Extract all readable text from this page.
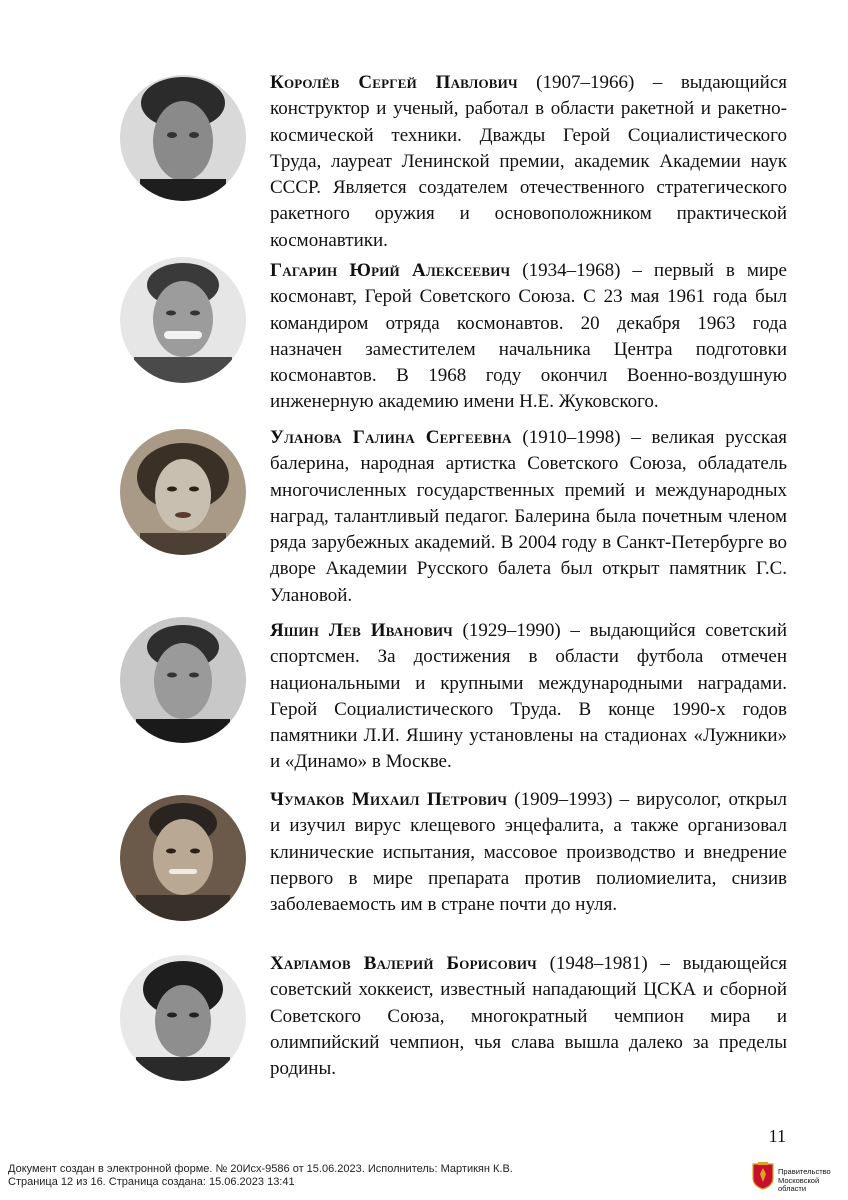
Королёв Сергей Павлович (1907–1966) – выдающийся конструктор и ученый, работал в области ракетной и ракетно-космической техники. Дважды Герой Социалистического Труда, лауреат Ленинской премии, академик Академии наук СССР. Является создателем отечественного стратегического ракетного оружия и основоположником практической космонавтики.
Гагарин Юрий Алексеевич (1934–1968) – первый в мире космонавт, Герой Советского Союза. С 23 мая 1961 года был командиром отряда космонавтов. 20 декабря 1963 года назначен заместителем начальника Центра подготовки космонавтов. В 1968 году окончил Военно-воздушную инженерную академию имени Н.Е. Жуковского.
Уланова Галина Сергеевна (1910–1998) – великая русская балерина, народная артистка Советского Союза, обладатель многочисленных государственных премий и международных наград, талантливый педагог. Балерина была почетным членом ряда зарубежных академий. В 2004 году в Санкт-Петербурге во дворе Академии Русского балета был открыт памятник Г.С. Улановой.
Яшин Лев Иванович (1929–1990) – выдающийся советский спортсмен. За достижения в области футбола отмечен национальными и крупными международными наградами. Герой Социалистического Труда. В конце 1990-х годов памятники Л.И. Яшину установлены на стадионах «Лужники» и «Динамо» в Москве.
Чумаков Михаил Петрович (1909–1993) – вирусолог, открыл и изучил вирус клещевого энцефалита, а также организовал клинические испытания, массовое производство и внедрение первого в мире препарата против полиомиелита, снизив заболеваемость им в стране почти до нуля.
Харламов Валерий Борисович (1948–1981) – выдающейся советский хоккеист, известный нападающий ЦСКА и сборной Советского Союза, многократный чемпион мира и олимпийский чемпион, чья слава вышла далеко за пределы родины.
11
Документ создан в электронной форме. № 20Исх-9586 от 15.06.2023. Исполнитель: Мартикян К.В.
Страница 12 из 16. Страница создана: 15.06.2023 13:41
Правительство
Московской области
